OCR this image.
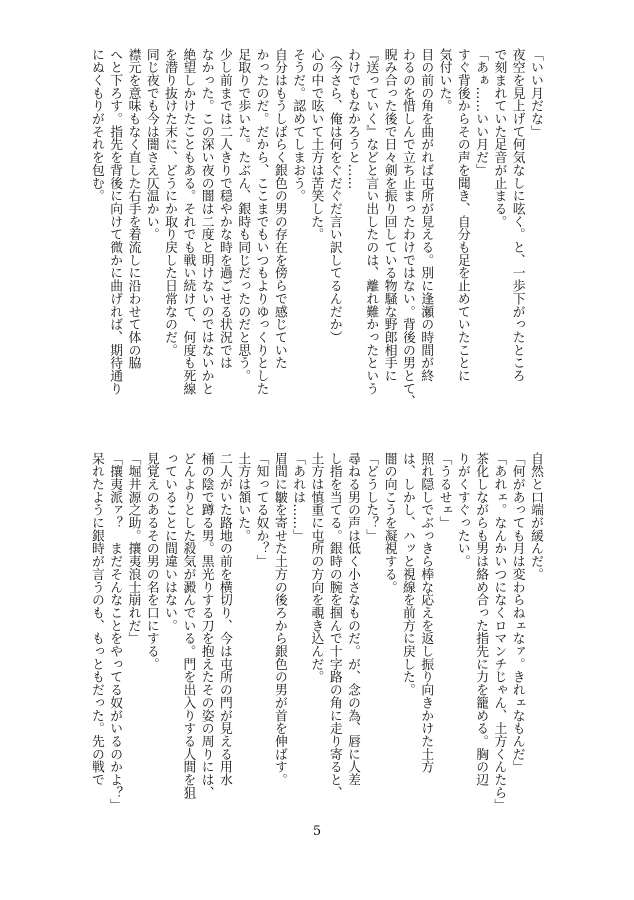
「いい月だな」
夜空を見上げて何気なしに呟く。と、一歩下がったところ
で刻まれていた足音が止まる。
「あぁ……いい月だ」
すぐ背後からその声を聞き、自分も足を止めていたことに
気付いた。
目の前の角を曲がれば屯所が見える。別に逢瀬の時間が終
わるのを惜しんで立ち止まったわけではない。背後の男とて、
睨み合った後で日々剣を振り回している物騒な野郎相手に
『送っていく』などと言い出したのは、離れ難かったという
わけでもなかろうと……
（今さら、俺は何をぐだぐだ言い訳してるんだか）
心の中で呟いて土方は苦笑した。
そうだ。認めてしまおう。
自分はもうしばらく銀色の男の存在を傍らで感じていた
かったのだ。だから、ここまでもいつもよりゆっくりとした
足取りで歩いた。たぶん、銀時も同じだったのだと思う。
少し前までは二人きりで穏やかな時を過ごせる状況では
なかった。この深い夜の闇は二度と明けないのではないかと
絶望しかけたこともある。それでも戦い続けて、何度も死線
を潜り抜けた末に、どうにか取り戻した日常なのだ。
同じ夜でも今は闇さえ仄温かい。
襟元を意味もなく直した右手を着流しに沿わせて体の脇
へと下ろす。指先を背後に向けて微かに曲げれば、期待通り
にぬくもりがそれを包む。
自然と口端が緩んだ。
「何があっても月は変わらねェなァ。きれェなもんだ」
「あれェ。なんかいつになくロマンチじゃん、土方くんたら」
茶化しながらも男は絡め合った指先に力を籠める。胸の辺
りがくすぐったい。
「うるせェ」
照れ隠しでぶっきら棒な応えを返し振り向きかけた土方
は、しかし、ハッと視線を前方に戻した。
闇の向こうを凝視する。
「どうした？」
尋ねる男の声は低く小さなものだ。が、念の為、唇に人差
し指を当てる。銀時の腕を掴んで十字路の角に走り寄ると、
土方は慎重に屯所の方向を覗き込んだ。
「あれは……」
眉間に皺を寄せた土方の後ろから銀色の男が首を伸ばす。
「知ってる奴か？」
土方は頷いた。
二人がいた路地の前を横切り、今は屯所の門が見える用水
桶の陰で蹲る男。黒光りする刀を抱えたその姿の周りには、
どんよりとした殺気が澱んでいる。門を出入りする人間を狙
っていることに間違いはない。
見覚えのあるその男の名を口にする。
「堀井源之助。攘夷浪士崩れだ」
「攘夷派ァ？　まだそんなことをやってる奴がいるのかよ？」
呆れたように銀時が言うのも、もっともだった。先の戦で
5
